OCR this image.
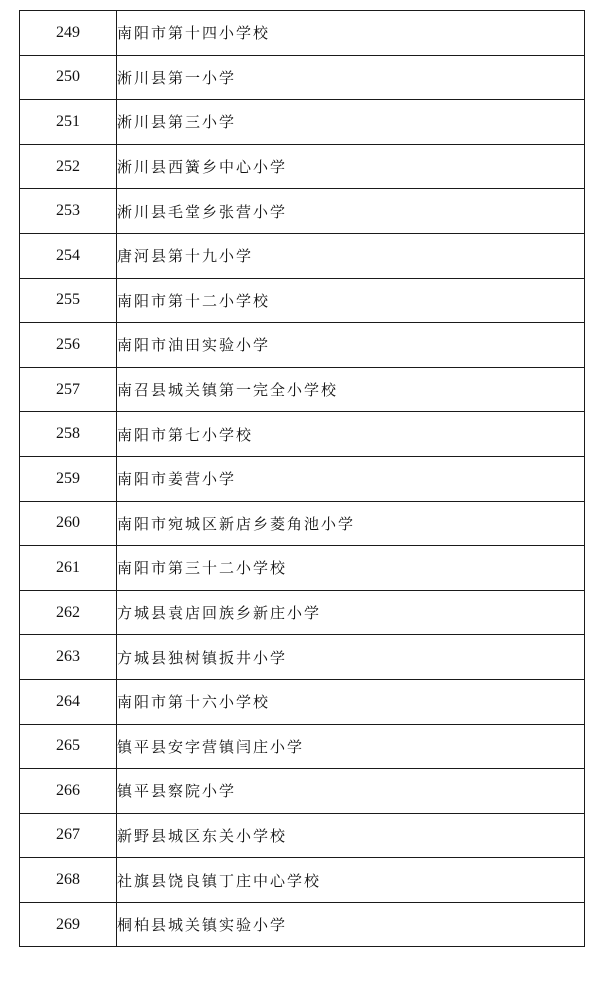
249	南阳市第十四小学校
250	淅川县第一小学
251	淅川县第三小学
252	淅川县西簧乡中心小学
253	淅川县毛堂乡张营小学
254	唐河县第十九小学
255	南阳市第十二小学校
256	南阳市油田实验小学
257	南召县城关镇第一完全小学校
258	南阳市第七小学校
259	南阳市姜营小学
260	南阳市宛城区新店乡菱角池小学
261	南阳市第三十二小学校
262	方城县袁店回族乡新庄小学
263	方城县独树镇扳井小学
264	南阳市第十六小学校
265	镇平县安字营镇闫庄小学
266	镇平县察院小学
267	新野县城区东关小学校
268	社旗县饶良镇丁庄中心学校
269	桐柏县城关镇实验小学
